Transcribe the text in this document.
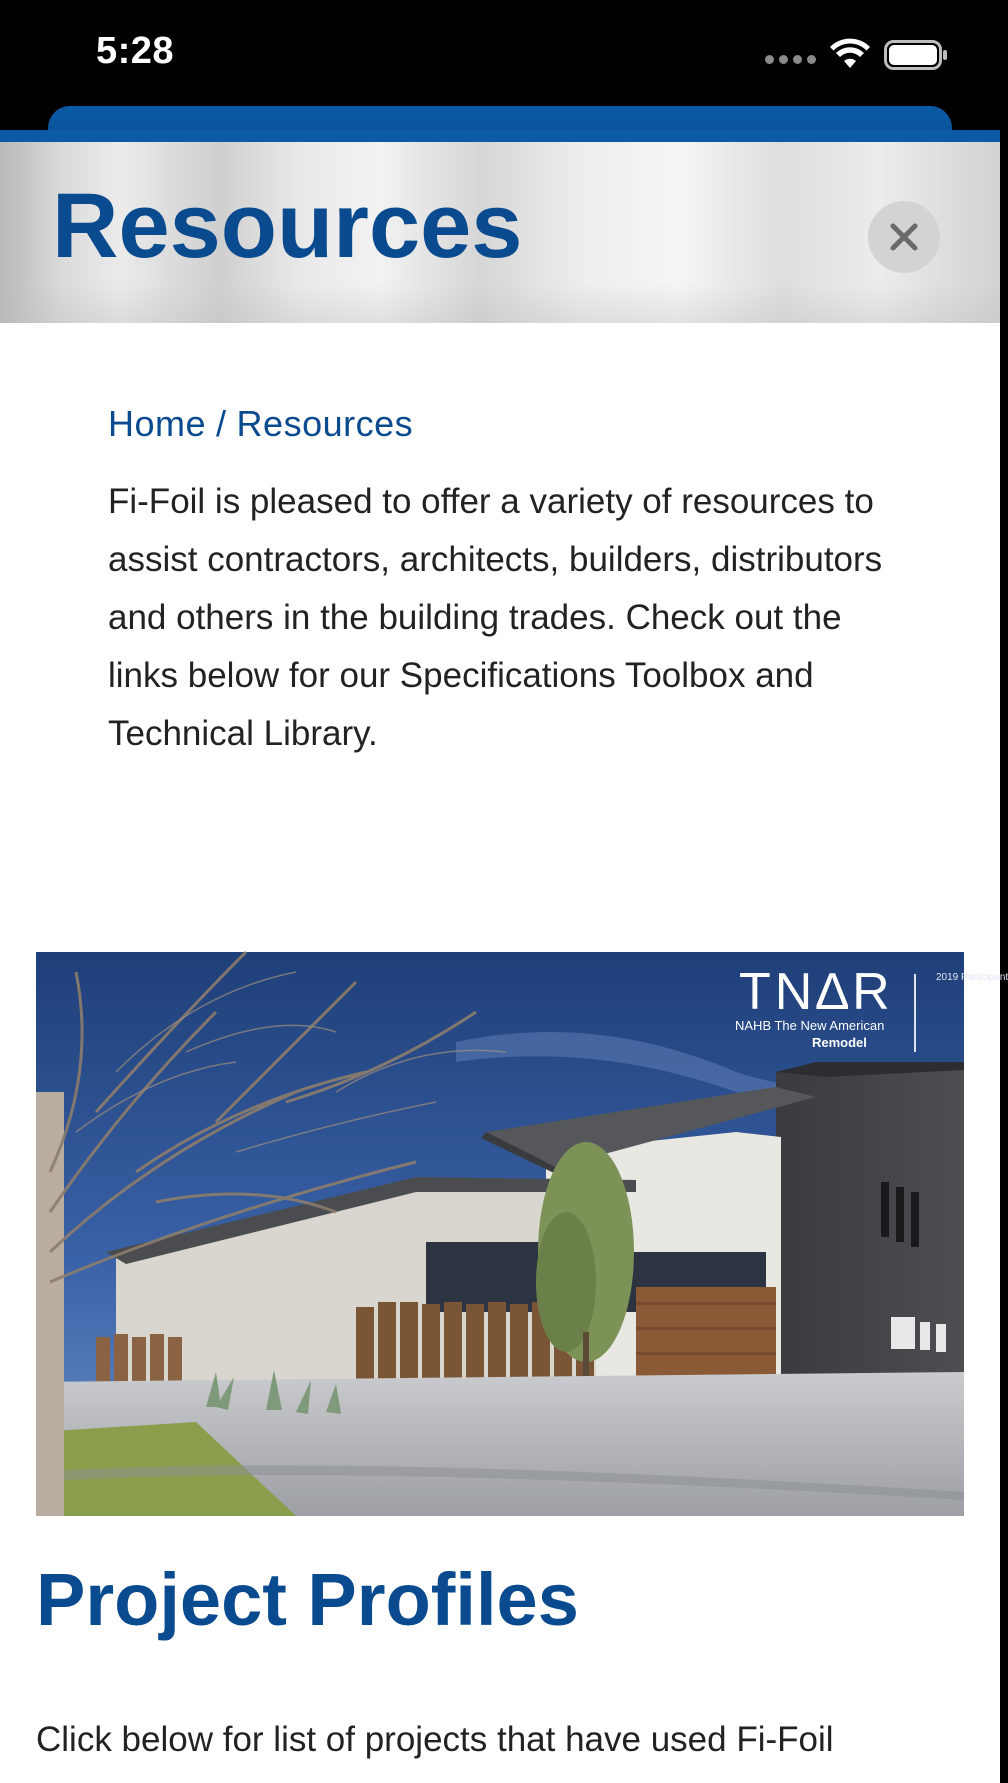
5:28
Resources
Home / Resources

Fi-Foil is pleased to offer a variety of resources to assist contractors, architects, builders, distributors and others in the building trades. Check out the links below for our Specifications Toolbox and Technical Library.

TN∆R
NAHB The New American
Remodel
2019 Participant
Project Profiles

Click below for list of projects that have used Fi-Foil
